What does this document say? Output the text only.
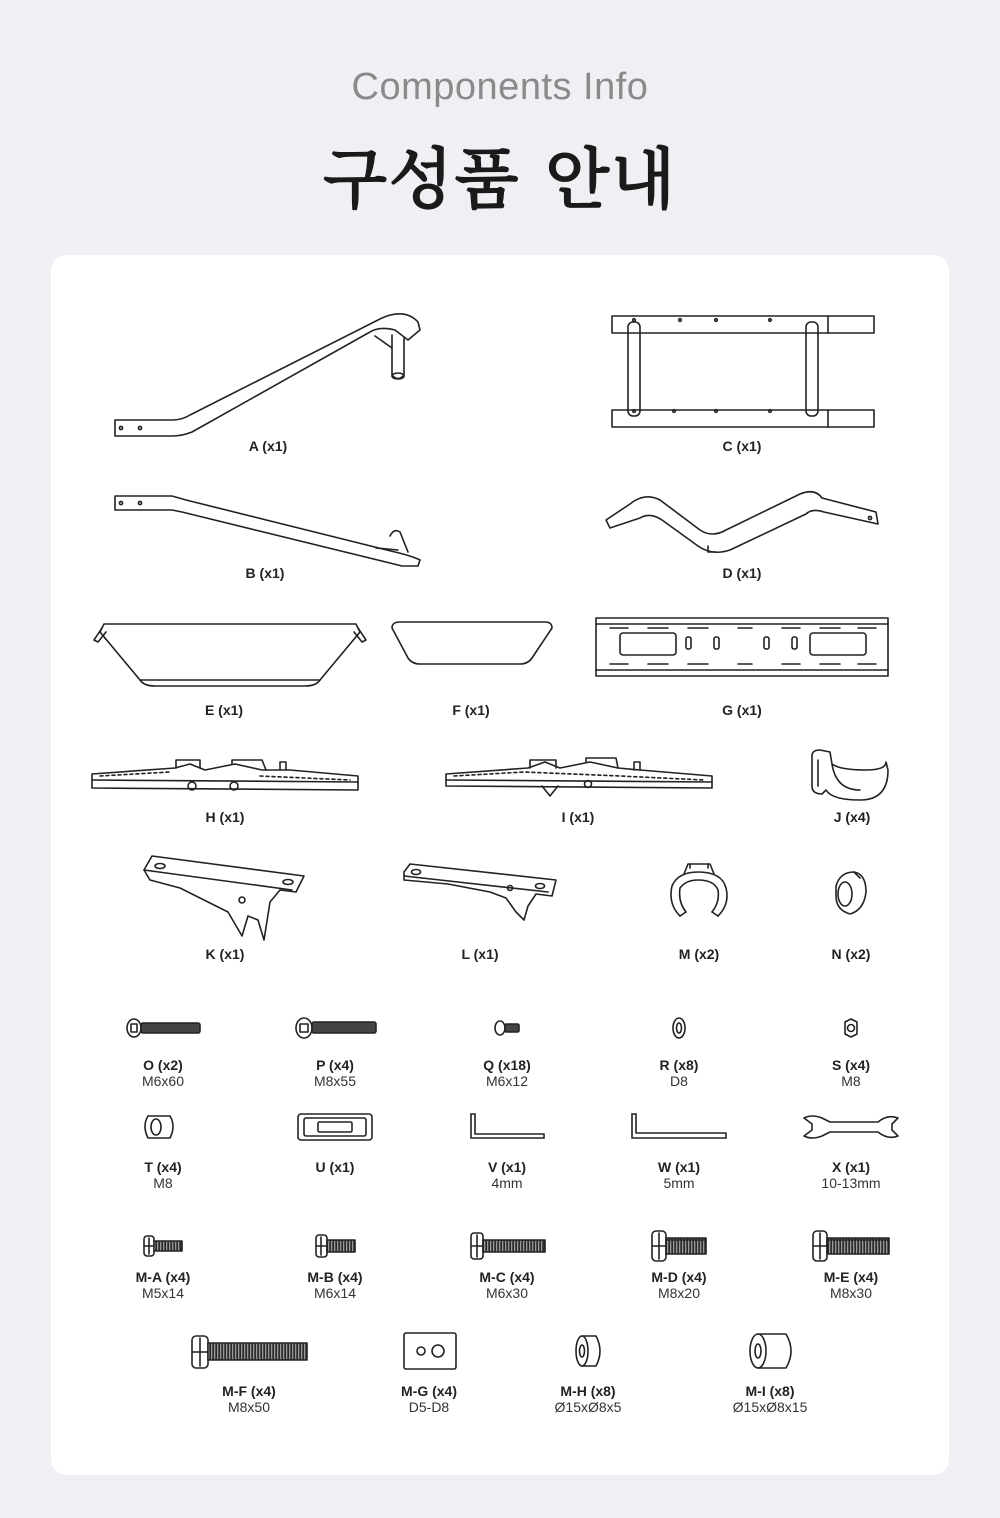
Components Info
구성품 안내
A (x1)	C (x1)
B (x1)	D (x1)
E (x1)	F (x1)	G (x1)
H (x1)	I (x1)	J (x4)
K (x1)	L (x1)	M (x2)	N (x2)
O (x2)
M6x60
P (x4)
M8x55
Q (x18)
M6x12
R (x8)
D8
S (x4)
M8
T (x4)
M8
U (x1)	V (x1)
4mm
W (x1)
5mm
X (x1)
10-13mm
M-A (x4)
M5x14
M-B (x4)
M6x14
M-C (x4)
M6x30
M-D (x4)
M8x20
M-E (x4)
M8x30
M-F (x4)
M8x50
M-G (x4)
D5-D8
M-H (x8)
Ø15xØ8x5
M-I (x8)
Ø15xØ8x15
